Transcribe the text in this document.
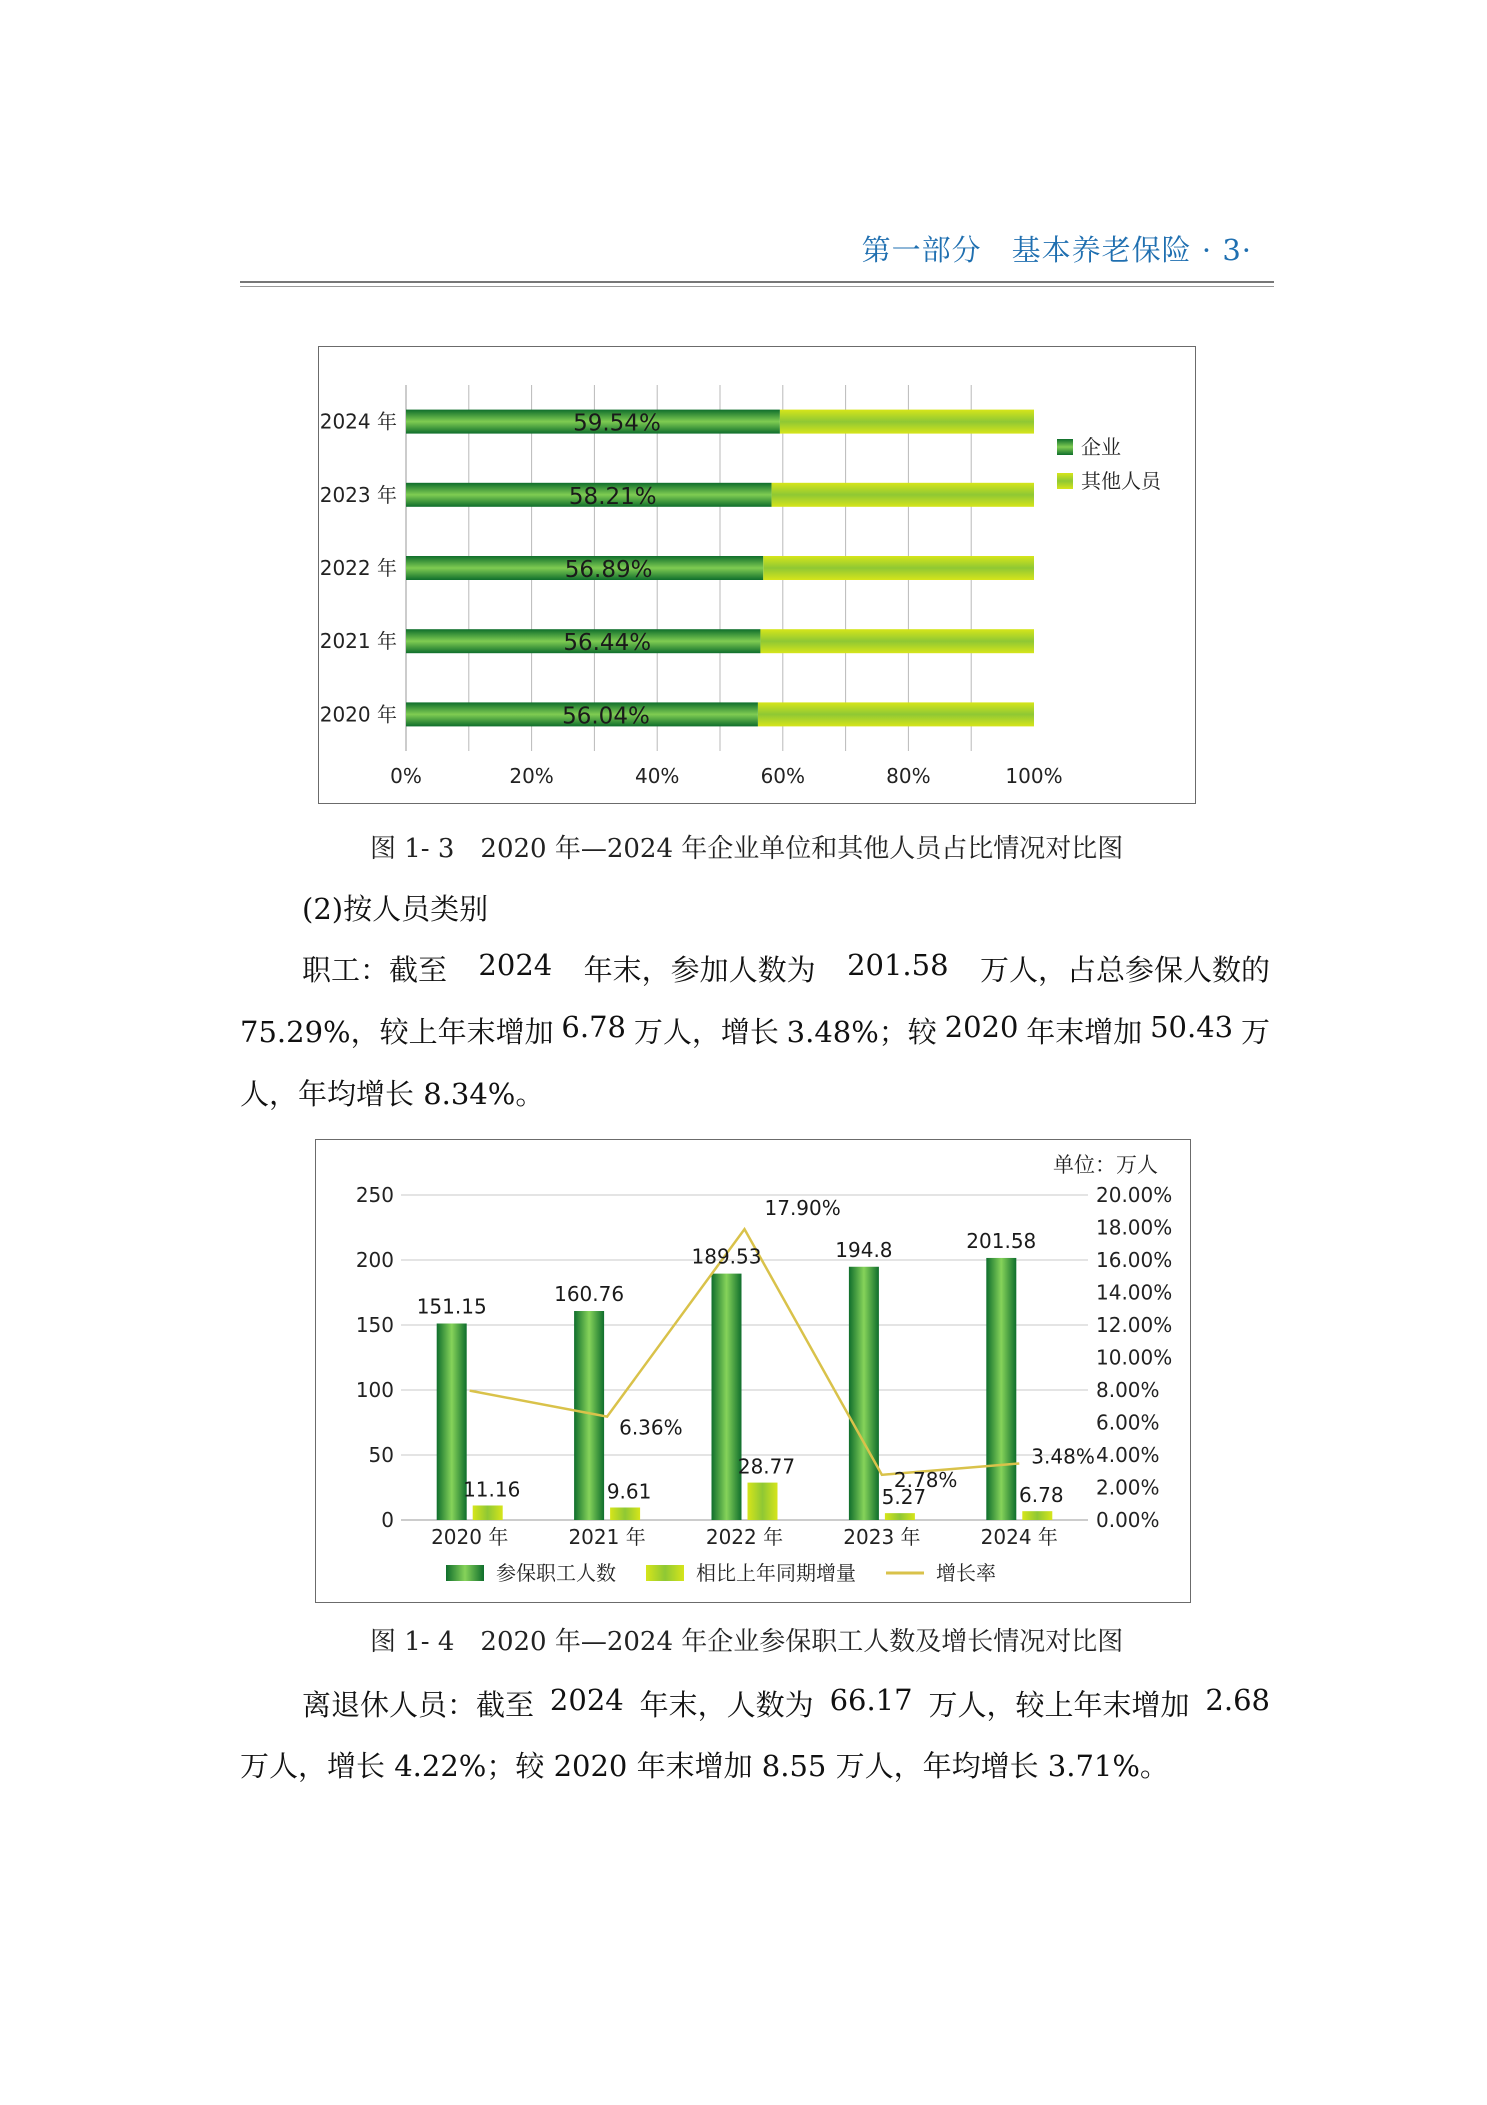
第一部分　基本养老保险 · 3·
0%	20%	40%	60%	80%	100%
2024 年	59.54%
2023 年	58.21%
2022 年	56.89%
2021 年	56.44%
2020 年	56.04%
企业
其他人员
图 1- 3　2020 年—2024 年企业单位和其他人员占比情况对比图
(2)按人员类别
职工：截至 2024 年末，参加人数为 201.58 万人，占总参保人数的
75.29%，较上年末增加 6.78 万人，增长 3.48%；较 2020 年末增加 50.43 万
人，年均增长 8.34%。
单位：万人
0
50
100
150
200
250
0.00%
2.00%
4.00%
6.00%
8.00%
10.00%
12.00%
14.00%
16.00%
18.00%
20.00%
151.15
11.16
2020 年
160.76
9.61
2021 年
6.36%
189.53
28.77
2022 年
17.90%
194.8
5.27
2023 年
2.78%
201.58
6.78
2024 年
3.48%
参保职工人数	相比上年同期增量	增长率
图 1- 4　2020 年—2024 年企业参保职工人数及增长情况对比图
离退休人员：截至 2024 年末，人数为 66.17 万人，较上年末增加 2.68
万人，增长 4.22%；较 2020 年末增加 8.55 万人，年均增长 3.71%。
